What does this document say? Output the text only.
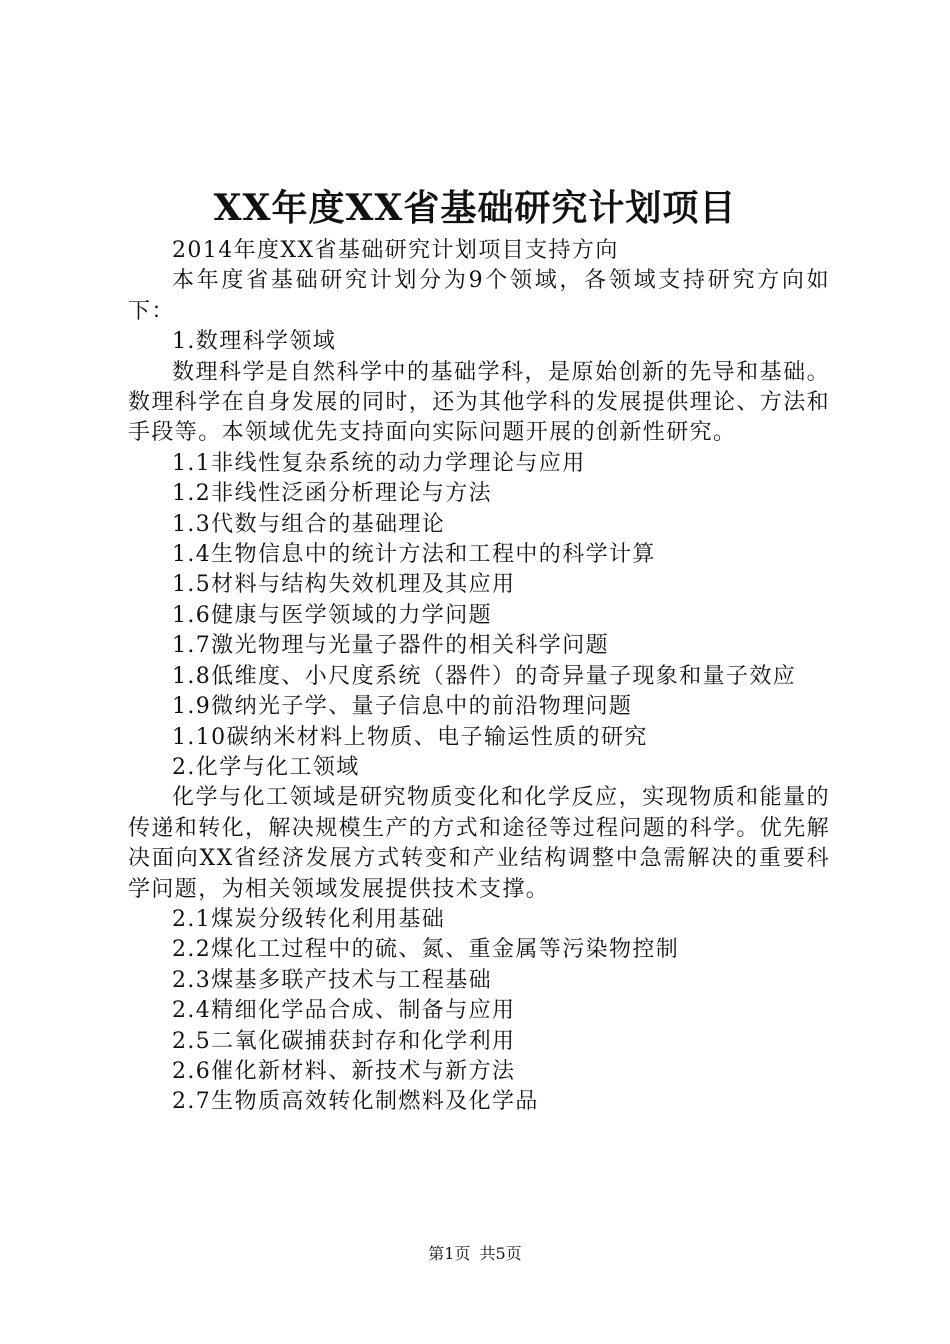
XX年度XX省基础研究计划项目

2014年度XX省基础研究计划项目支持方向

本年度省基础研究计划分为9个领域，各领域支持研究方向如下：

1.数理科学领域

数理科学是自然科学中的基础学科，是原始创新的先导和基础。数理科学在自身发展的同时，还为其他学科的发展提供理论、方法和手段等。本领域优先支持面向实际问题开展的创新性研究。

1.1非线性复杂系统的动力学理论与应用

1.2非线性泛函分析理论与方法

1.3代数与组合的基础理论

1.4生物信息中的统计方法和工程中的科学计算

1.5材料与结构失效机理及其应用

1.6健康与医学领域的力学问题

1.7激光物理与光量子器件的相关科学问题

1.8低维度、小尺度系统（器件）的奇异量子现象和量子效应

1.9微纳光子学、量子信息中的前沿物理问题

1.10碳纳米材料上物质、电子输运性质的研究

2.化学与化工领域

化学与化工领域是研究物质变化和化学反应，实现物质和能量的传递和转化，解决规模生产的方式和途径等过程问题的科学。优先解决面向XX省经济发展方式转变和产业结构调整中急需解决的重要科学问题，为相关领域发展提供技术支撑。

2.1煤炭分级转化利用基础

2.2煤化工过程中的硫、氮、重金属等污染物控制

2.3煤基多联产技术与工程基础

2.4精细化学品合成、制备与应用

2.5二氧化碳捕获封存和化学利用

2.6催化新材料、新技术与新方法

2.7生物质高效转化制燃料及化学品

第1页 共5页
